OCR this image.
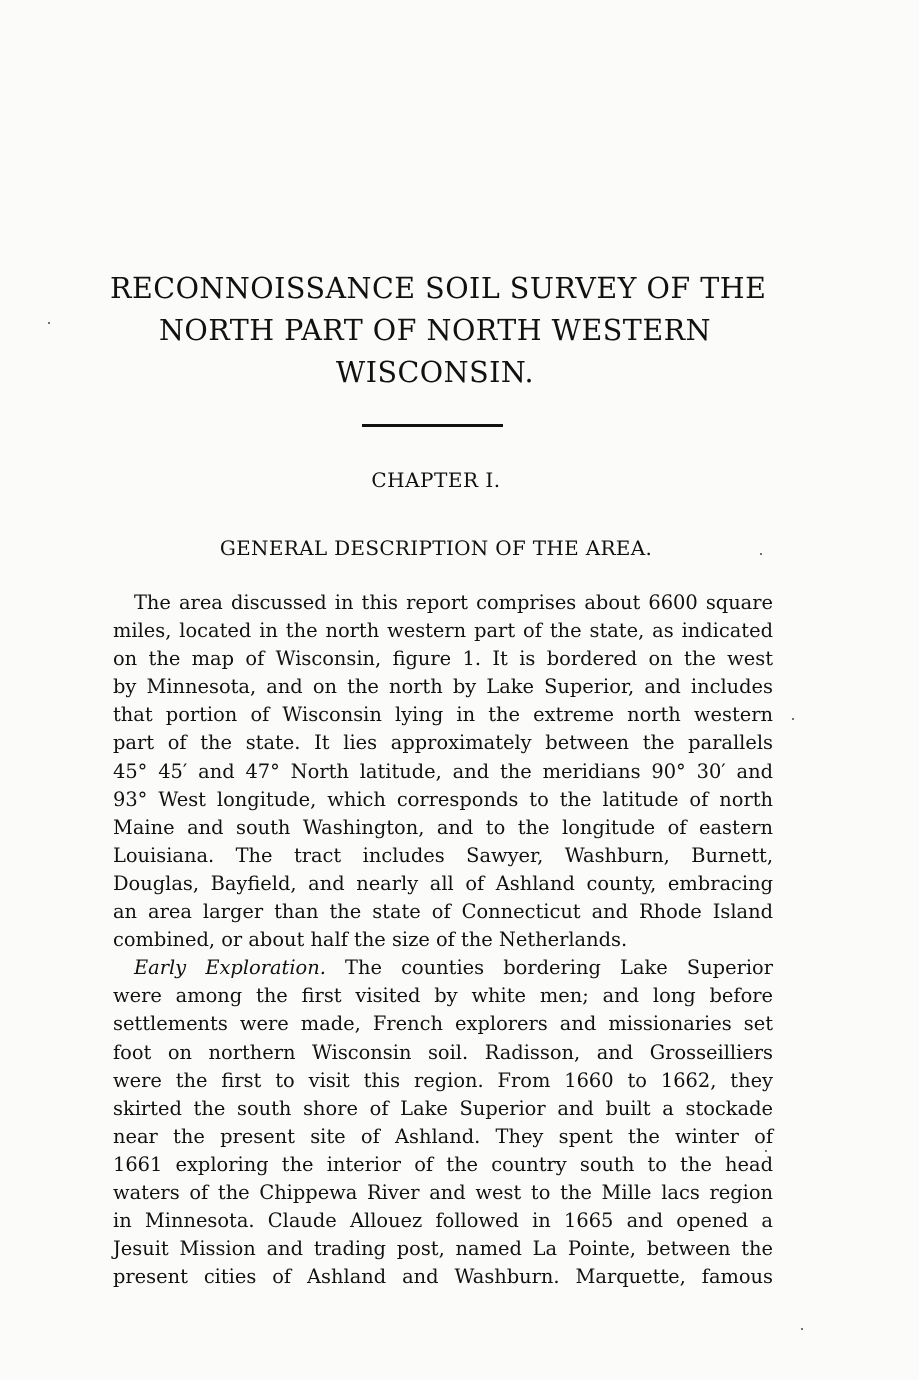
RECONNOISSANCE SOIL SURVEY OF THE
NORTH PART OF NORTH WESTERN
WISCONSIN.
CHAPTER I.
GENERAL DESCRIPTION OF THE AREA.
The area discussed in this report comprises about 6600 square
miles, located in the north western part of the state, as indicated
on the map of Wisconsin, figure 1. It is bordered on the west
by Minnesota, and on the north by Lake Superior, and includes
that portion of Wisconsin lying in the extreme north western
part of the state. It lies approximately between the parallels
45° 45′ and 47° North latitude, and the meridians 90° 30′ and
93° West longitude, which corresponds to the latitude of north
Maine and south Washington, and to the longitude of eastern
Louisiana. The tract includes Sawyer, Washburn, Burnett,
Douglas, Bayfield, and nearly all of Ashland county, embracing
an area larger than the state of Connecticut and Rhode Island
combined, or about half the size of the Netherlands.
Early Exploration. The counties bordering Lake Superior
were among the first visited by white men; and long before
settlements were made, French explorers and missionaries set
foot on northern Wisconsin soil. Radisson, and Grosseilliers
were the first to visit this region. From 1660 to 1662, they
skirted the south shore of Lake Superior and built a stockade
near the present site of Ashland. They spent the winter of
1661 exploring the interior of the country south to the head
waters of the Chippewa River and west to the Mille lacs region
in Minnesota. Claude Allouez followed in 1665 and opened a
Jesuit Mission and trading post, named La Pointe, between the
present cities of Ashland and Washburn. Marquette, famous
